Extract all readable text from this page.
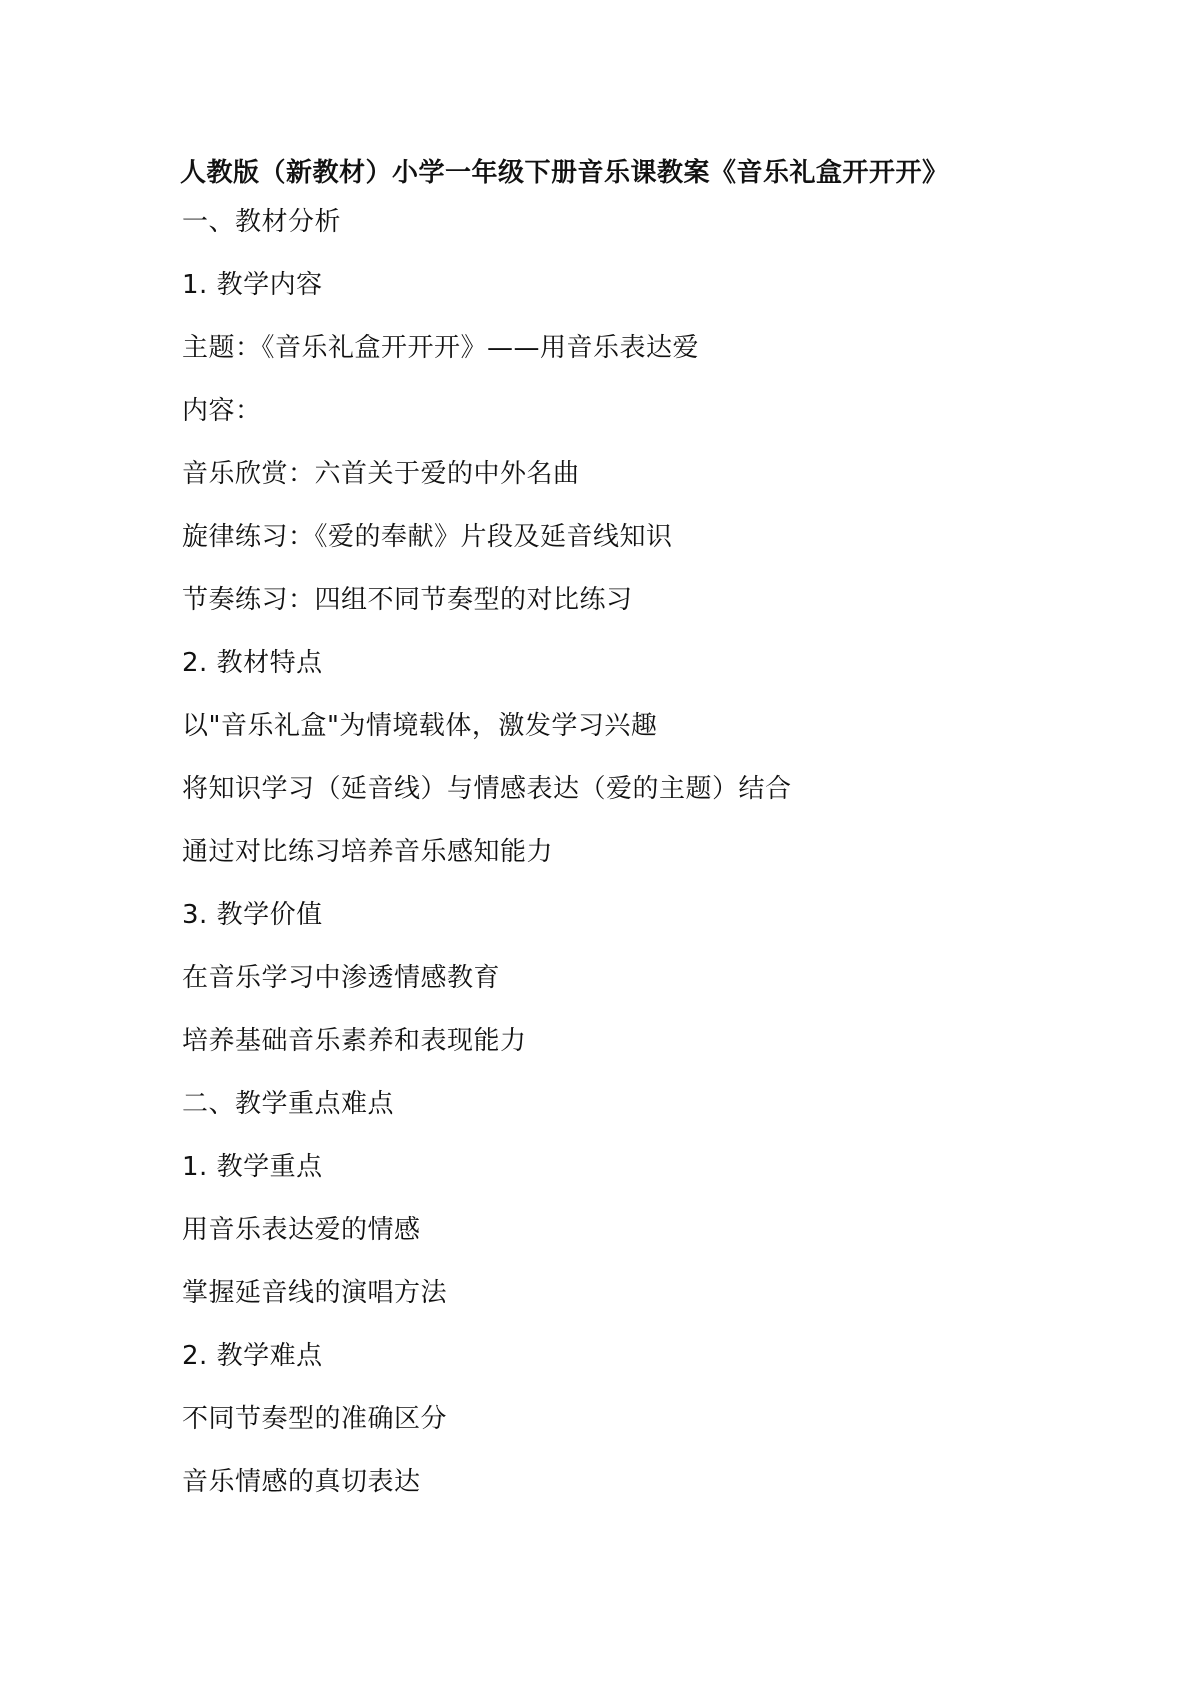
人教版（新教材）小学一年级下册音乐课教案《音乐礼盒开开开》
一、教材分析
1. 教学内容
主题：《音乐礼盒开开开》——用音乐表达爱
内容：
音乐欣赏：六首关于爱的中外名曲
旋律练习：《爱的奉献》片段及延音线知识
节奏练习：四组不同节奏型的对比练习
2. 教材特点
以"音乐礼盒"为情境载体，激发学习兴趣
将知识学习（延音线）与情感表达（爱的主题）结合
通过对比练习培养音乐感知能力
3. 教学价值
在音乐学习中渗透情感教育
培养基础音乐素养和表现能力
二、教学重点难点
1. 教学重点
用音乐表达爱的情感
掌握延音线的演唱方法
2. 教学难点
不同节奏型的准确区分
音乐情感的真切表达
